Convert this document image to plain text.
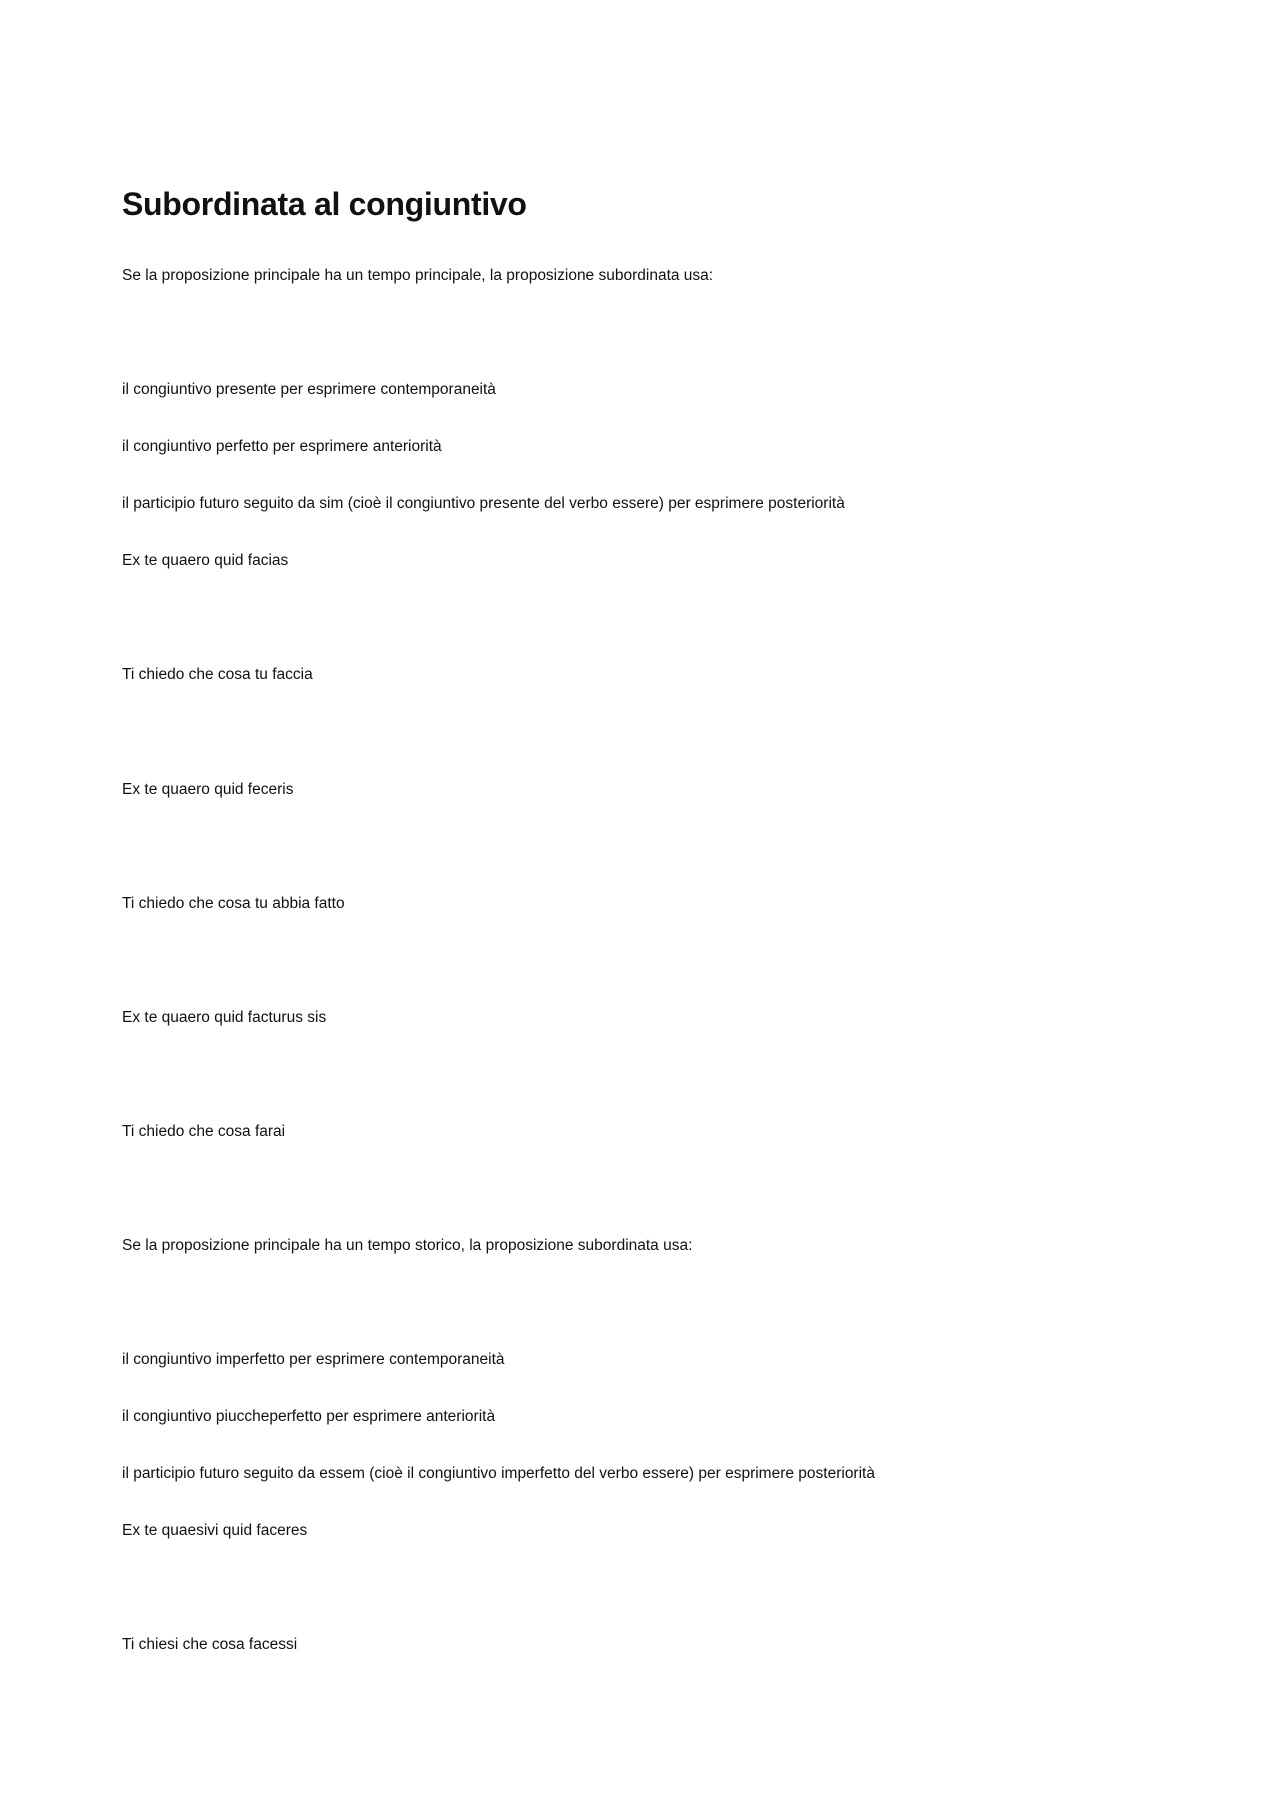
Subordinata al congiuntivo

Se la proposizione principale ha un tempo principale, la proposizione subordinata usa:

il congiuntivo presente per esprimere contemporaneità

il congiuntivo perfetto per esprimere anteriorità

il participio futuro seguito da sim (cioè il congiuntivo presente del verbo essere) per esprimere posteriorità

Ex te quaero quid facias

Ti chiedo che cosa tu faccia

Ex te quaero quid feceris

Ti chiedo che cosa tu abbia fatto

Ex te quaero quid facturus sis

Ti chiedo che cosa farai

Se la proposizione principale ha un tempo storico, la proposizione subordinata usa:

il congiuntivo imperfetto per esprimere contemporaneità

il congiuntivo piuccheperfetto per esprimere anteriorità

il participio futuro seguito da essem (cioè il congiuntivo imperfetto del verbo essere) per esprimere posteriorità

Ex te quaesivi quid faceres

Ti chiesi che cosa facessi
